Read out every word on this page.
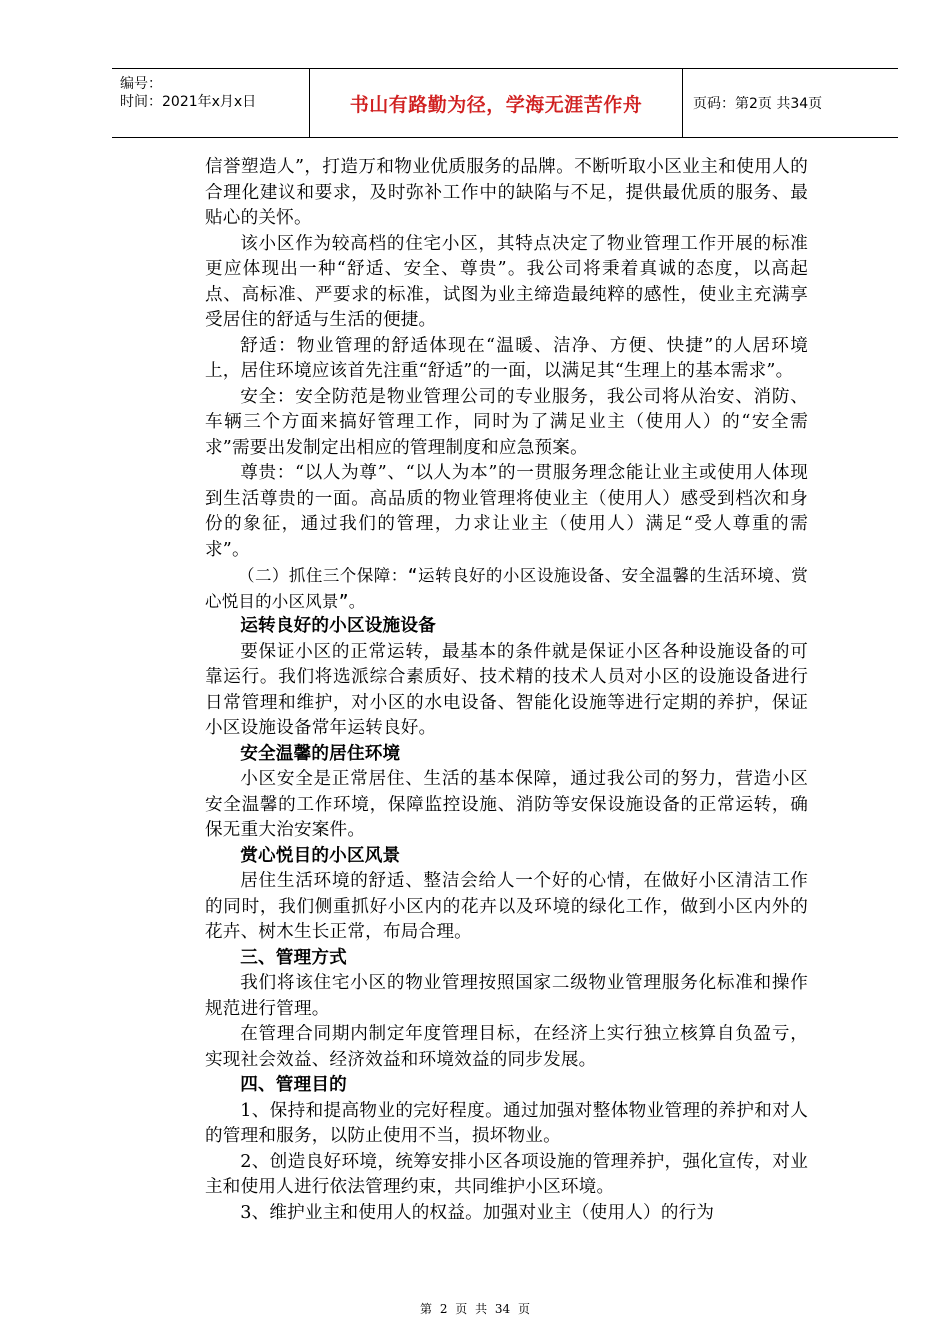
编号：
时间：2021年x月x日	书山有路勤为径，学海无涯苦作舟	页码：第2页 共34页

信誉塑造人”，打造万和物业优质服务的品牌。不断听取小区业主和使用人的合理化建议和要求，及时弥补工作中的缺陷与不足，提供最优质的服务、最贴心的关怀。

该小区作为较高档的住宅小区，其特点决定了物业管理工作开展的标准更应体现出一种“舒适、安全、尊贵”。我公司将秉着真诚的态度，以高起点、高标准、严要求的标准，试图为业主缔造最纯粹的感性，使业主充满享受居住的舒适与生活的便捷。

舒适：物业管理的舒适体现在“温暖、洁净、方便、快捷”的人居环境上，居住环境应该首先注重“舒适”的一面，以满足其“生理上的基本需求”。

安全：安全防范是物业管理公司的专业服务，我公司将从治安、消防、车辆三个方面来搞好管理工作，同时为了满足业主（使用人）的“安全需求”需要出发制定出相应的管理制度和应急预案。

尊贵：“以人为尊”、“以人为本”的一贯服务理念能让业主或使用人体现到生活尊贵的一面。高品质的物业管理将使业主（使用人）感受到档次和身份的象征，通过我们的管理，力求让业主（使用人）满足“受人尊重的需求”。

（二）抓住三个保障：“运转良好的小区设施设备、安全温馨的生活环境、赏心悦目的小区风景”。

运转良好的小区设施设备

要保证小区的正常运转，最基本的条件就是保证小区各种设施设备的可靠运行。我们将选派综合素质好、技术精的技术人员对小区的设施设备进行日常管理和维护，对小区的水电设备、智能化设施等进行定期的养护，保证小区设施设备常年运转良好。

安全温馨的居住环境

小区安全是正常居住、生活的基本保障，通过我公司的努力，营造小区安全温馨的工作环境，保障监控设施、消防等安保设施设备的正常运转，确保无重大治安案件。

赏心悦目的小区风景

居住生活环境的舒适、整洁会给人一个好的心情，在做好小区清洁工作的同时，我们侧重抓好小区内的花卉以及环境的绿化工作，做到小区内外的花卉、树木生长正常，布局合理。

三、管理方式

我们将该住宅小区的物业管理按照国家二级物业管理服务化标准和操作规范进行管理。

在管理合同期内制定年度管理目标，在经济上实行独立核算自负盈亏，实现社会效益、经济效益和环境效益的同步发展。

四、管理目的

1、保持和提高物业的完好程度。通过加强对整体物业管理的养护和对人的管理和服务，以防止使用不当，损坏物业。

2、创造良好环境，统筹安排小区各项设施的管理养护，强化宣传，对业主和使用人进行依法管理约束，共同维护小区环境。

3、维护业主和使用人的权益。加强对业主（使用人）的行为

第 2 页 共 34 页
